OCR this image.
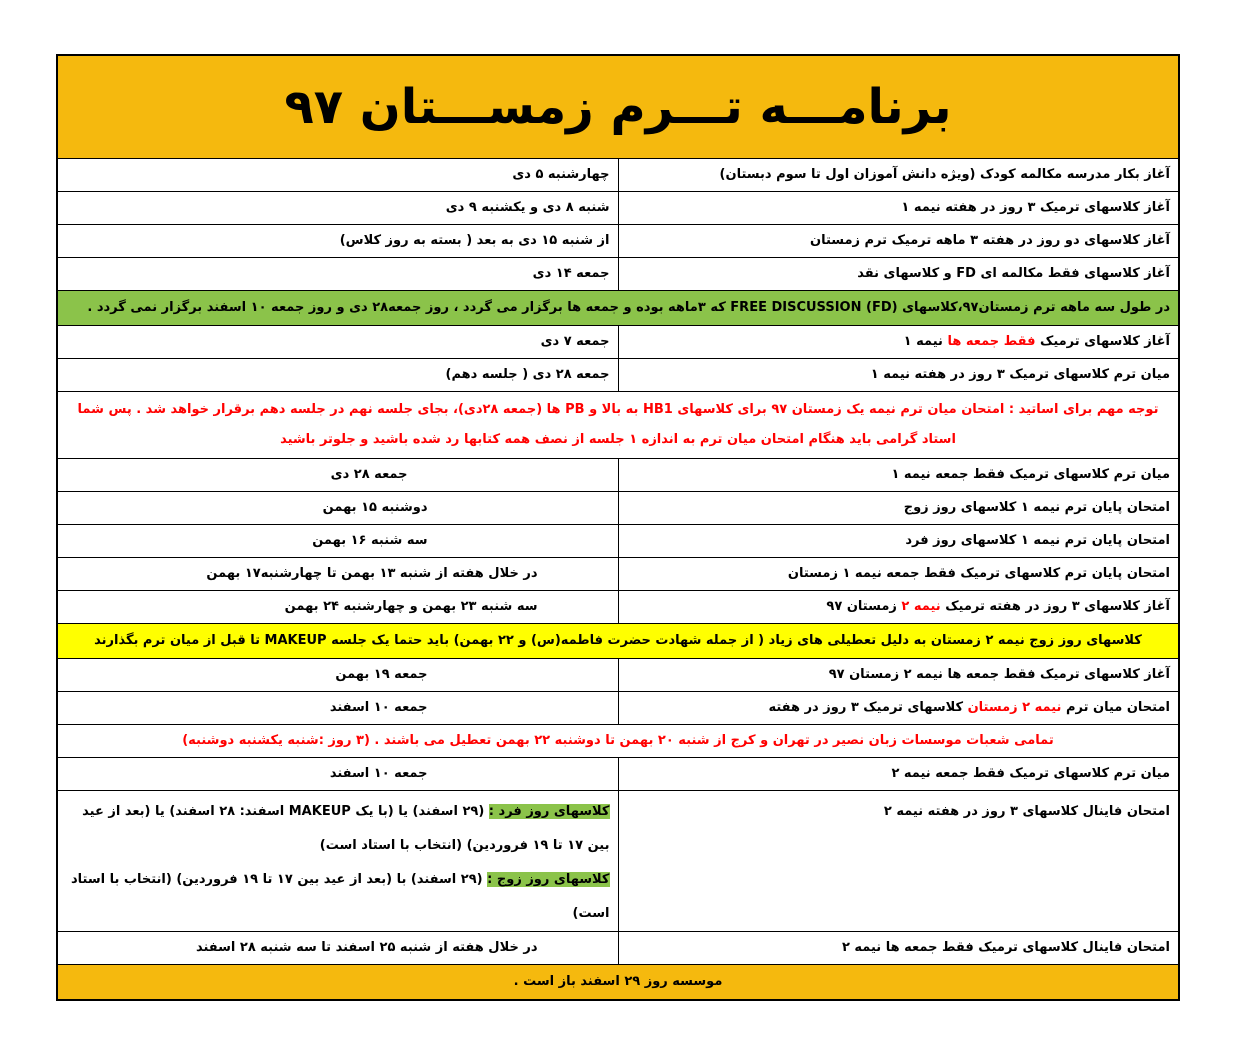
برنامـــه تـــرم زمســـتان ۹۷	
آغاز بکار مدرسه مکالمه کودک (ویژه دانش آموزان اول تا سوم دبستان)	چهارشنبه ۵ دی
آغاز کلاسهای ترمیک ۳ روز در هفته نیمه ۱	شنبه ۸ دی و یکشنبه ۹ دی
آغاز کلاسهای دو روز در هفته ۳ ماهه ترمیک ترم زمستان	از شنبه ۱۵ دی به بعد ( بسته به روز کلاس)
آغاز کلاسهای فقط مکالمه ای FD و کلاسهای نقد	جمعه ۱۴ دی
در طول سه ماهه ترم زمستان۹۷،کلاسهای FREE DISCUSSION (FD) که ۳ماهه بوده و جمعه ها برگزار می گردد ، روز جمعه۲۸ دی و روز جمعه ۱۰ اسفند برگزار نمی گردد .	
آغاز کلاسهای ترمیک فقط جمعه ها نیمه ۱	جمعه ۷ دی
میان ترم کلاسهای ترمیک ۳ روز در هفته نیمه ۱	جمعه ۲۸ دی ( جلسه دهم)
توجه مهم برای اساتید : امتحان میان ترم نیمه یک زمستان ۹۷ برای کلاسهای HB1 به بالا و PB ها (جمعه ۲۸دی)، بجای جلسه نهم در جلسه دهم برقرار خواهد شد . پس شما استاد گرامی باید هنگام امتحان میان ترم به اندازه ۱ جلسه از نصف همه کتابها رد شده باشید و جلوتر باشید	
میان ترم کلاسهای ترمیک فقط جمعه نیمه ۱	جمعه ۲۸ دی
امتحان پایان ترم نیمه ۱ کلاسهای روز زوج	دوشنبه ۱۵ بهمن
امتحان پایان ترم نیمه ۱ کلاسهای روز فرد	سه شنبه ۱۶ بهمن
امتحان پایان ترم کلاسهای ترمیک فقط جمعه نیمه ۱ زمستان	در خلال هفته از شنبه ۱۳ بهمن تا چهارشنبه۱۷ بهمن
آغاز کلاسهای ۳ روز در هفته ترمیک نیمه ۲ زمستان ۹۷	سه شنبه ۲۳ بهمن و چهارشنبه ۲۴ بهمن
کلاسهای روز زوج نیمه ۲ زمستان به دلیل تعطیلی های زیاد ( از جمله شهادت حضرت فاطمه(س) و ۲۲ بهمن) باید حتما یک جلسه MAKEUP تا قبل از میان ترم بگذارند	
آغاز کلاسهای ترمیک فقط جمعه ها نیمه ۲ زمستان ۹۷	جمعه ۱۹ بهمن
امتحان میان ترم نیمه ۲ زمستان کلاسهای ترمیک ۳ روز در هفته	جمعه ۱۰ اسفند
تمامی شعبات موسسات زبان نصیر در تهران و کرج از شنبه ۲۰ بهمن تا دوشنبه ۲۲ بهمن تعطیل می باشند . (۳ روز :شنبه یکشنبه دوشنبه)	
میان ترم کلاسهای ترمیک فقط جمعه نیمه ۲	جمعه ۱۰ اسفند
امتحان فاینال کلاسهای ۳ روز در هفته نیمه ۲	کلاسهای روز فرد : (۲۹ اسفند) یا (با یک MAKEUP اسفند: ۲۸ اسفند) یا (بعد از عید بین ۱۷ تا ۱۹ فروردین) (انتخاب با استاد است)
کلاسهای روز زوج : (۲۹ اسفند) با (بعد از عید بین ۱۷ تا ۱۹ فروردین) (انتخاب با استاد است)
امتحان فاینال کلاسهای ترمیک فقط جمعه ها نیمه ۲	در خلال هفته از شنبه ۲۵ اسفند تا سه شنبه ۲۸ اسفند
موسسه روز ۲۹ اسفند باز است .	
